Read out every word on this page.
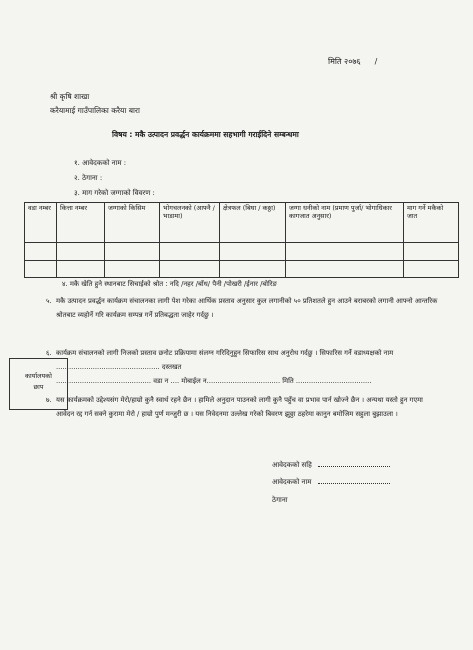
मिति २०७६ /
श्री कृषि शाखा
करैयामाई गाउँपालिका करैया बारा
विषय : मकै उत्पादन प्रवर्द्धन कार्यक्रममा सहभागी गराईदिने सम्बन्धमा
१. आवेदकको नाम :
२. ठेगाना :
३. माग गरेको जग्गाको विवरण :
वडा नम्बर	कित्ता नम्बर	जग्गाको किसिम	भोगचलनको (आफ्नै / भाडामा)	क्षेत्रफल (बिघा / कठ्ठा)	जग्गा धनीको नाम (प्रमाण पुर्जा/ भोगाधिकार कागजात अनुसार)	माग गर्ने मकैको जात

४. मकै खेति हुने स्थानबाट सिचाईको श्रोत : नदि /नहर /बाँध/ पैनी /पोखरी /ईनार /बोरिङ
५. मकै उत्पादन प्रवर्द्धन कार्यक्रम संचालनका लागी पेश गरेका आर्थिक प्रस्ताव अनुसार कुल लगानीको ५० प्रतिशतले हुन आउने बराबरको लगानी आफ्नो आन्तरिक श्रोतबाट व्यहोर्ने गरि कार्यक्रम सम्पन्न गर्ने प्रतिबद्धता जाहेर गर्दछु ।
६. कार्यक्रम संचालनको लागी निजको प्रस्ताव छनोट प्रक्रियामा संलग्न गरिदिनुहुन सिफारिस साथ अनुरोध गर्दछु । सिफारिस गर्ने वडाध्यक्षको नाम ................................................ दस्तखत
............................................ वडा न .... मोबाईल न.................................. मिति ...................................
कार्यालयको
छाप
७. यस कार्यक्रमको उद्देश्यसंग मेरो/हाम्रो कुनै स्वार्थ रहने छैन । हामिले अनुदान पाउनको लागी कुनै पहुँच वा प्रभाव पार्न खोज्ने छैन । अन्यथा यस्तो हुन गएमा आवेदन रद्द गर्न सक्ने कुरामा मेरो / हाम्रो पुर्ण मन्जुरी छ । यस निवेदनमा उल्लेख गरेको बिवरण झुठ्ठा ठहरेमा कानुन बमोजिम सहुला बुझाउला ।
आवेदकको सहि
आवेदकको नाम
ठेगाना
